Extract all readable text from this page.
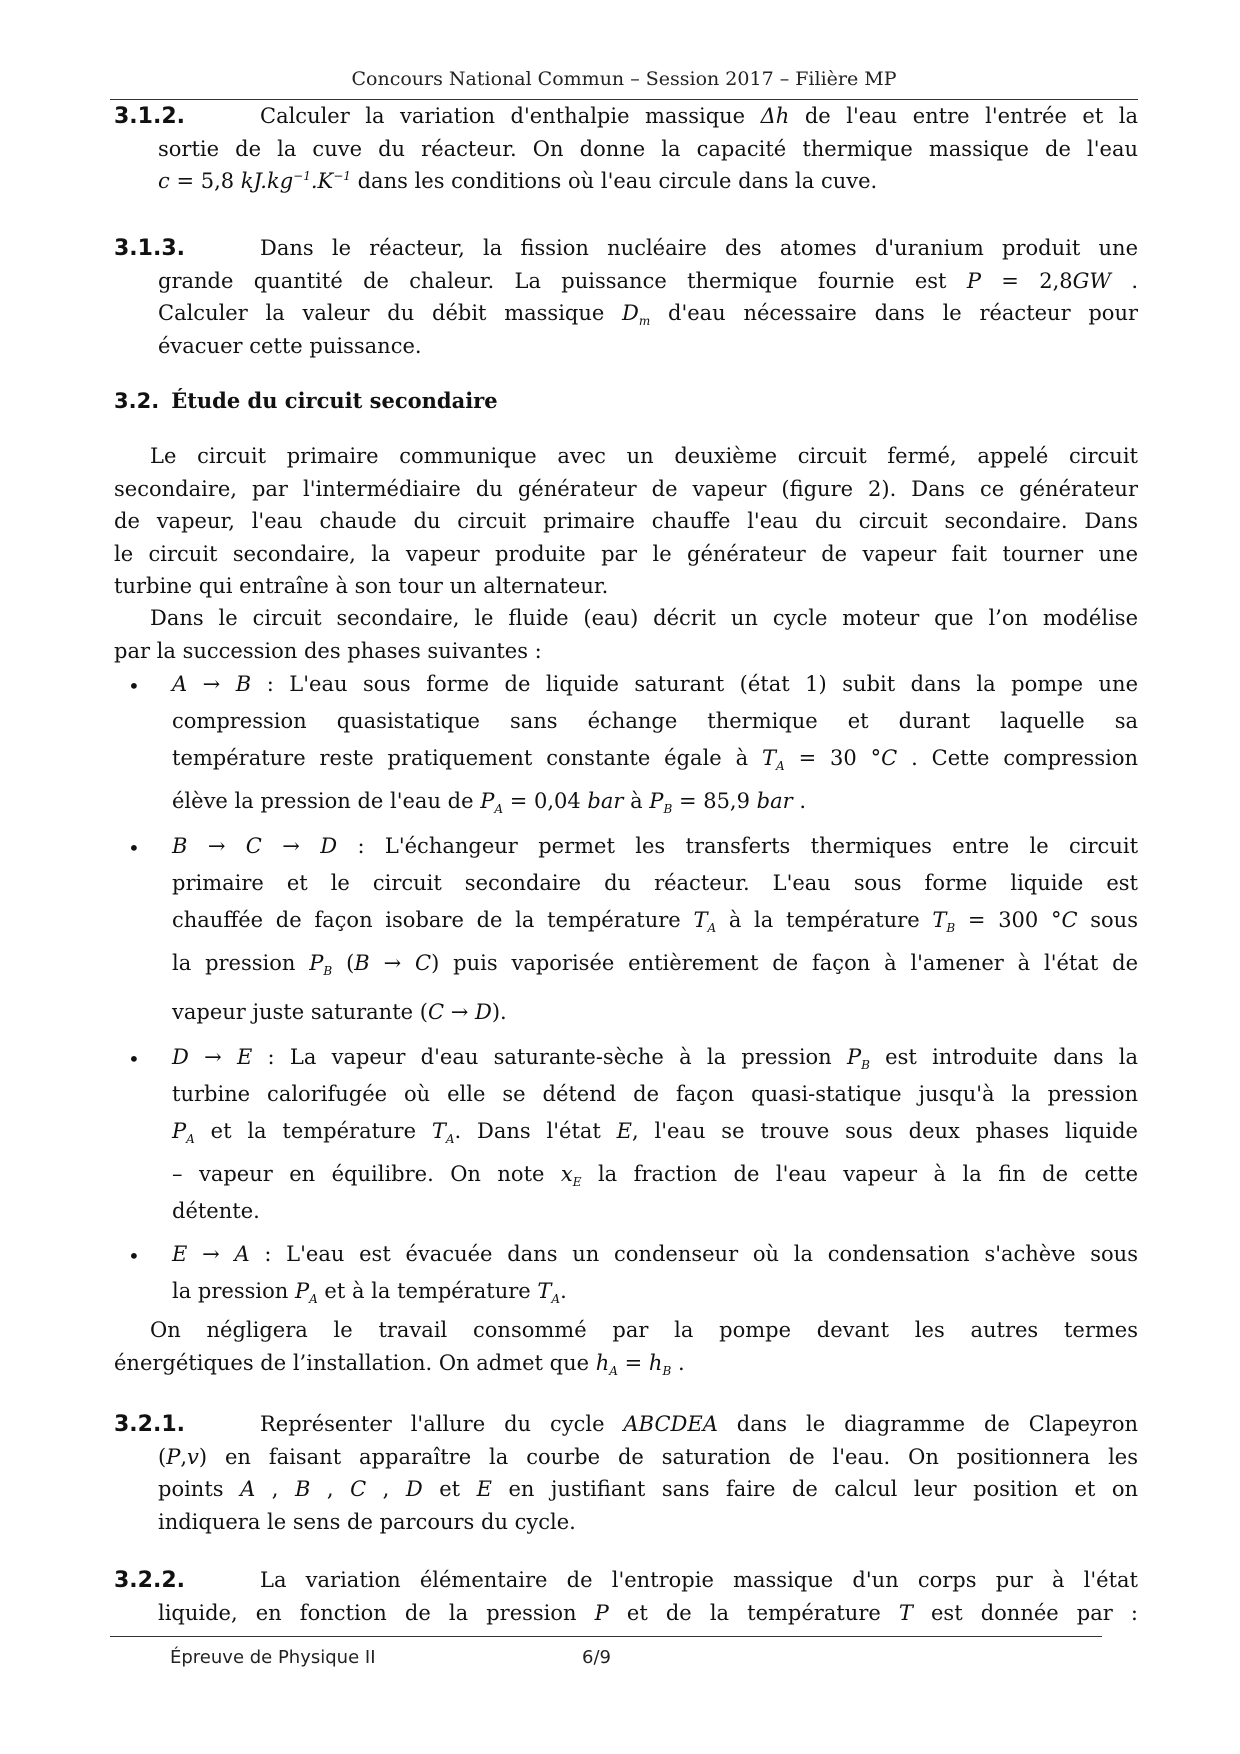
Concours National Commun – Session 2017 – Filière MP
3.1.2.	Calculer la variation d'enthalpie massique Δh de l'eau entre l'entrée et la
sortie de la cuve du réacteur. On donne la capacité thermique massique de l'eau
c = 5,8 $kJ.kg^{-1}.K^{-1}$ dans les conditions où l'eau circule dans la cuve.
3.1.3.	Dans le réacteur, la fission nucléaire des atomes d'uranium produit une
grande quantité de chaleur. La puissance thermique fournie est P = 2,8GW .
Calculer la valeur du débit massique $D_m$ d'eau nécessaire dans le réacteur pour
évacuer cette puissance.
3.2. Étude du circuit secondaire
Le circuit primaire communique avec un deuxième circuit fermé, appelé circuit
secondaire, par l'intermédiaire du générateur de vapeur (figure 2). Dans ce générateur
de vapeur, l'eau chaude du circuit primaire chauffe l'eau du circuit secondaire. Dans
le circuit secondaire, la vapeur produite par le générateur de vapeur fait tourner une
turbine qui entraîne à son tour un alternateur.
Dans le circuit secondaire, le fluide (eau) décrit un cycle moteur que l’on modélise
par la succession des phases suivantes :
• A → B : L'eau sous forme de liquide saturant (état 1) subit dans la pompe une
compression quasistatique sans échange thermique et durant laquelle sa
température reste pratiquement constante égale à $T_A = 30$ °C . Cette compression
élève la pression de l'eau de $P_A = 0,04$ bar à $P_B = 85,9$ bar .
• B → C → D : L'échangeur permet les transferts thermiques entre le circuit
primaire et le circuit secondaire du réacteur. L'eau sous forme liquide est
chauffée de façon isobare de la température $T_A$ à la température $T_B = 300$ °C sous
la pression $P_B$ (B → C) puis vaporisée entièrement de façon à l'amener à l'état de
vapeur juste saturante (C → D).
• D → E : La vapeur d'eau saturante-sèche à la pression $P_B$ est introduite dans la
turbine calorifugée où elle se détend de façon quasi-statique jusqu'à la pression
$P_A$ et la température $T_A$. Dans l'état E, l'eau se trouve sous deux phases liquide
– vapeur en équilibre. On note $x_E$ la fraction de l'eau vapeur à la fin de cette
détente.
• E → A : L'eau est évacuée dans un condenseur où la condensation s'achève sous
la pression $P_A$ et à la température $T_A$.
On négligera le travail consommé par la pompe devant les autres termes
énergétiques de l’installation. On admet que $h_A = h_B$ .
3.2.1.	Représenter l'allure du cycle ABCDEA dans le diagramme de Clapeyron
(P,v) en faisant apparaître la courbe de saturation de l'eau. On positionnera les
points A , B , C , D et E en justifiant sans faire de calcul leur position et on
indiquera le sens de parcours du cycle.
3.2.2.	La variation élémentaire de l'entropie massique d'un corps pur à l'état
liquide, en fonction de la pression P et de la température T est donnée par :
Épreuve de Physique II	6/9
